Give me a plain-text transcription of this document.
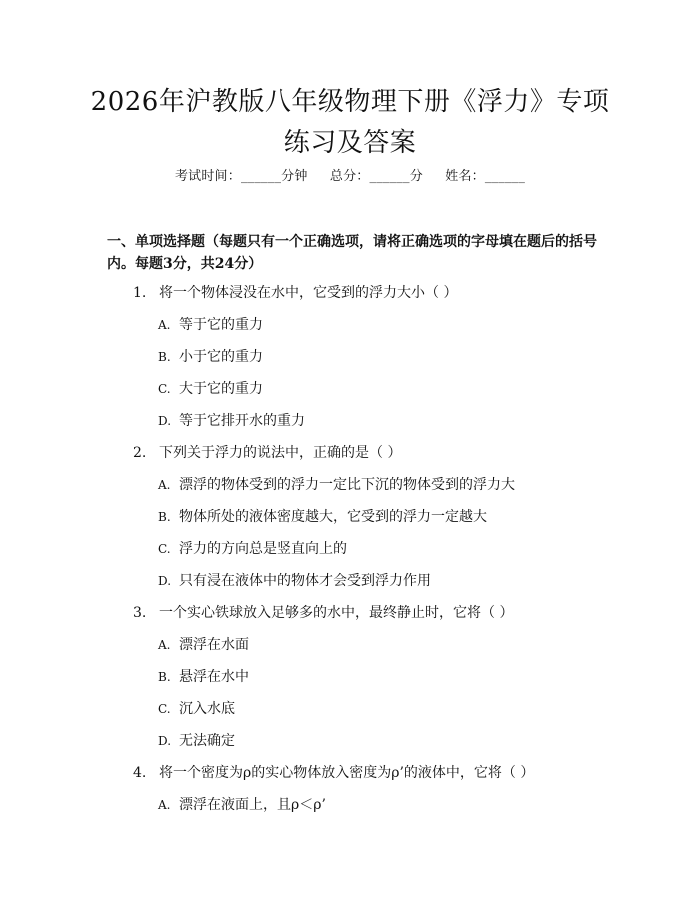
2026年沪教版八年级物理下册《浮力》专项
练习及答案
考试时间：______分钟 总分：______分 姓名：______
一、单项选择题（每题只有一个正确选项，请将正确选项的字母填在题后的括号内。每题3分，共24分）
1. 将一个物体浸没在水中，它受到的浮力大小（ ）
A. 等于它的重力
B. 小于它的重力
C. 大于它的重力
D. 等于它排开水的重力
2. 下列关于浮力的说法中，正确的是（ ）
A. 漂浮的物体受到的浮力一定比下沉的物体受到的浮力大
B. 物体所处的液体密度越大，它受到的浮力一定越大
C. 浮力的方向总是竖直向上的
D. 只有浸在液体中的物体才会受到浮力作用
3. 一个实心铁球放入足够多的水中，最终静止时，它将（ ）
A. 漂浮在水面
B. 悬浮在水中
C. 沉入水底
D. 无法确定
4. 将一个密度为ρ的实心物体放入密度为ρ’的液体中，它将（ ）
A. 漂浮在液面上，且ρ＜ρ’
